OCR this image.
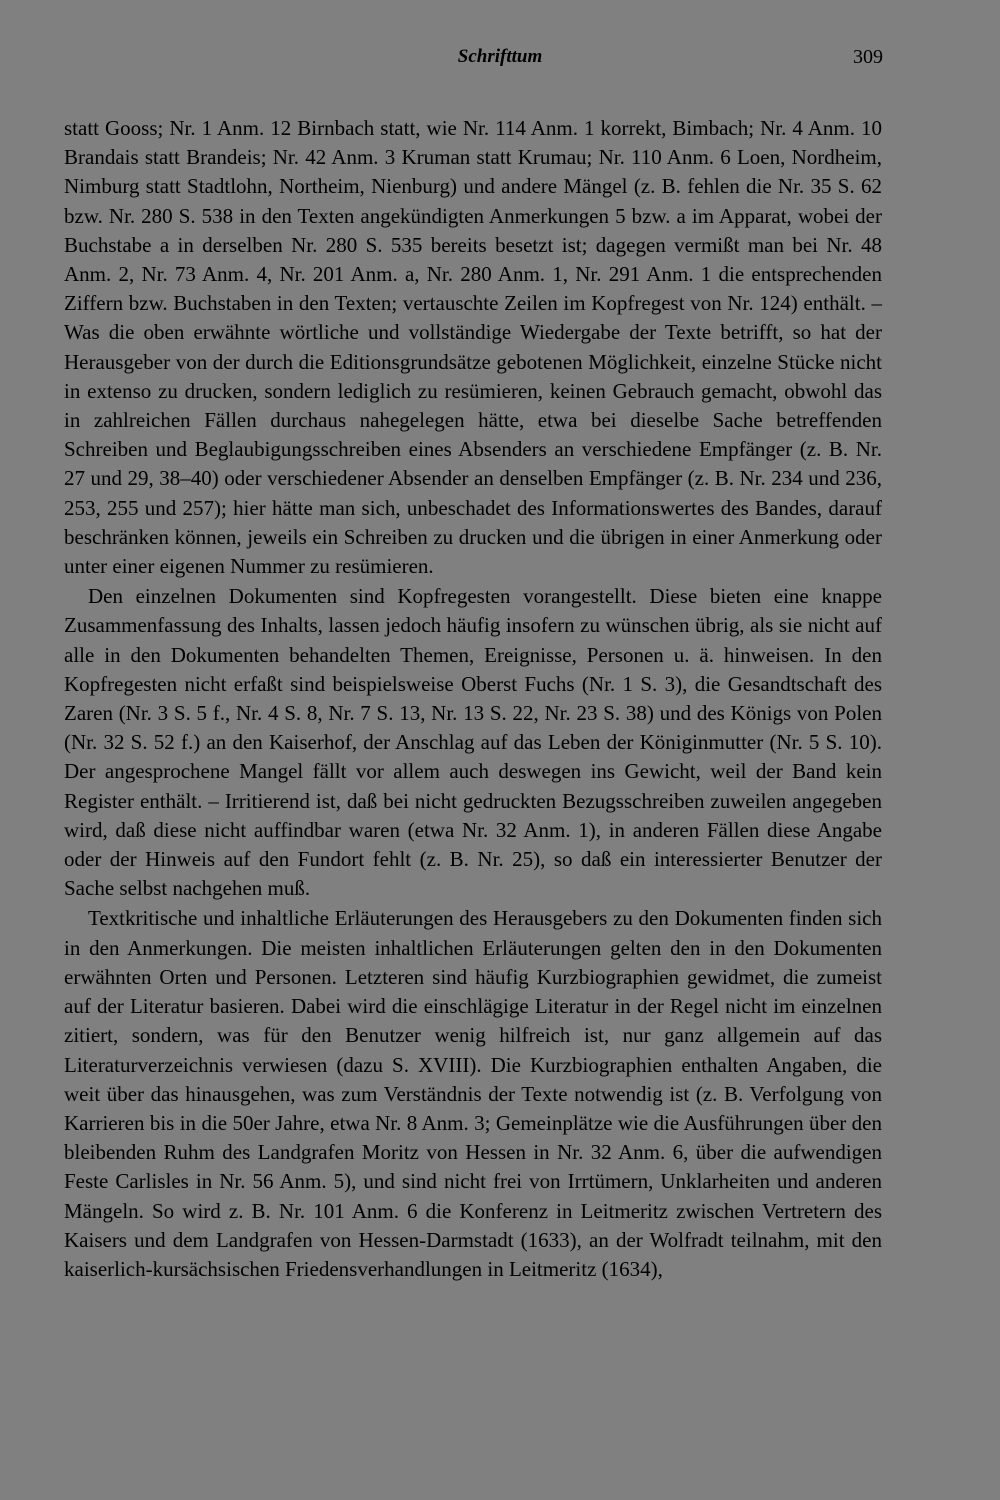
Schrifttum	309

statt Gooss; Nr. 1 Anm. 12 Birnbach statt, wie Nr. 114 Anm. 1 korrekt, Bimbach; Nr. 4 Anm. 10 Brandais statt Brandeis; Nr. 42 Anm. 3 Kruman statt Krumau; Nr. 110 Anm. 6 Loen, Nordheim, Nimburg statt Stadtlohn, Northeim, Nienburg) und andere Mängel (z. B. fehlen die Nr. 35 S. 62 bzw. Nr. 280 S. 538 in den Texten angekündigten Anmerkungen 5 bzw. a im Apparat, wobei der Buchstabe a in derselben Nr. 280 S. 535 bereits besetzt ist; dagegen vermißt man bei Nr. 48 Anm. 2, Nr. 73 Anm. 4, Nr. 201 Anm. a, Nr. 280 Anm. 1, Nr. 291 Anm. 1 die entsprechenden Ziffern bzw. Buchstaben in den Texten; vertauschte Zeilen im Kopfregest von Nr. 124) enthält. – Was die oben erwähnte wörtliche und vollständige Wiedergabe der Texte betrifft, so hat der Herausgeber von der durch die Editionsgrundsätze gebotenen Möglichkeit, einzelne Stücke nicht in extenso zu drucken, sondern lediglich zu resümieren, keinen Gebrauch gemacht, obwohl das in zahlreichen Fällen durchaus nahegelegen hätte, etwa bei dieselbe Sache betreffenden Schreiben und Beglaubigungsschreiben eines Absenders an verschiedene Empfänger (z. B. Nr. 27 und 29, 38–40) oder verschiedener Absender an denselben Empfänger (z. B. Nr. 234 und 236, 253, 255 und 257); hier hätte man sich, unbeschadet des Informationswertes des Bandes, darauf beschränken können, jeweils ein Schreiben zu drucken und die übrigen in einer Anmerkung oder unter einer eigenen Nummer zu resümieren.

Den einzelnen Dokumenten sind Kopfregesten vorangestellt. Diese bieten eine knappe Zusammenfassung des Inhalts, lassen jedoch häufig insofern zu wünschen übrig, als sie nicht auf alle in den Dokumenten behandelten Themen, Ereignisse, Personen u. ä. hinweisen. In den Kopfregesten nicht erfaßt sind beispielsweise Oberst Fuchs (Nr. 1 S. 3), die Gesandtschaft des Zaren (Nr. 3 S. 5 f., Nr. 4 S. 8, Nr. 7 S. 13, Nr. 13 S. 22, Nr. 23 S. 38) und des Königs von Polen (Nr. 32 S. 52 f.) an den Kaiserhof, der Anschlag auf das Leben der Königinmutter (Nr. 5 S. 10). Der angesprochene Mangel fällt vor allem auch deswegen ins Gewicht, weil der Band kein Register enthält. – Irritierend ist, daß bei nicht gedruckten Bezugsschreiben zuweilen angegeben wird, daß diese nicht auffindbar waren (etwa Nr. 32 Anm. 1), in anderen Fällen diese Angabe oder der Hinweis auf den Fundort fehlt (z. B. Nr. 25), so daß ein interessierter Benutzer der Sache selbst nachgehen muß.

Textkritische und inhaltliche Erläuterungen des Herausgebers zu den Dokumenten finden sich in den Anmerkungen. Die meisten inhaltlichen Erläuterungen gelten den in den Dokumenten erwähnten Orten und Personen. Letzteren sind häufig Kurzbiographien gewidmet, die zumeist auf der Literatur basieren. Dabei wird die einschlägige Literatur in der Regel nicht im einzelnen zitiert, sondern, was für den Benutzer wenig hilfreich ist, nur ganz allgemein auf das Literaturverzeichnis verwiesen (dazu S. XVIII). Die Kurzbiographien enthalten Angaben, die weit über das hinausgehen, was zum Verständnis der Texte notwendig ist (z. B. Verfolgung von Karrieren bis in die 50er Jahre, etwa Nr. 8 Anm. 3; Gemeinplätze wie die Ausführungen über den bleibenden Ruhm des Landgrafen Moritz von Hessen in Nr. 32 Anm. 6, über die aufwendigen Feste Carlisles in Nr. 56 Anm. 5), und sind nicht frei von Irrtümern, Unklarheiten und anderen Mängeln. So wird z. B. Nr. 101 Anm. 6 die Konferenz in Leitmeritz zwischen Vertretern des Kaisers und dem Landgrafen von Hessen-Darmstadt (1633), an der Wolfradt teilnahm, mit den kaiserlich-kursächsischen Friedensverhandlungen in Leitmeritz (1634),
